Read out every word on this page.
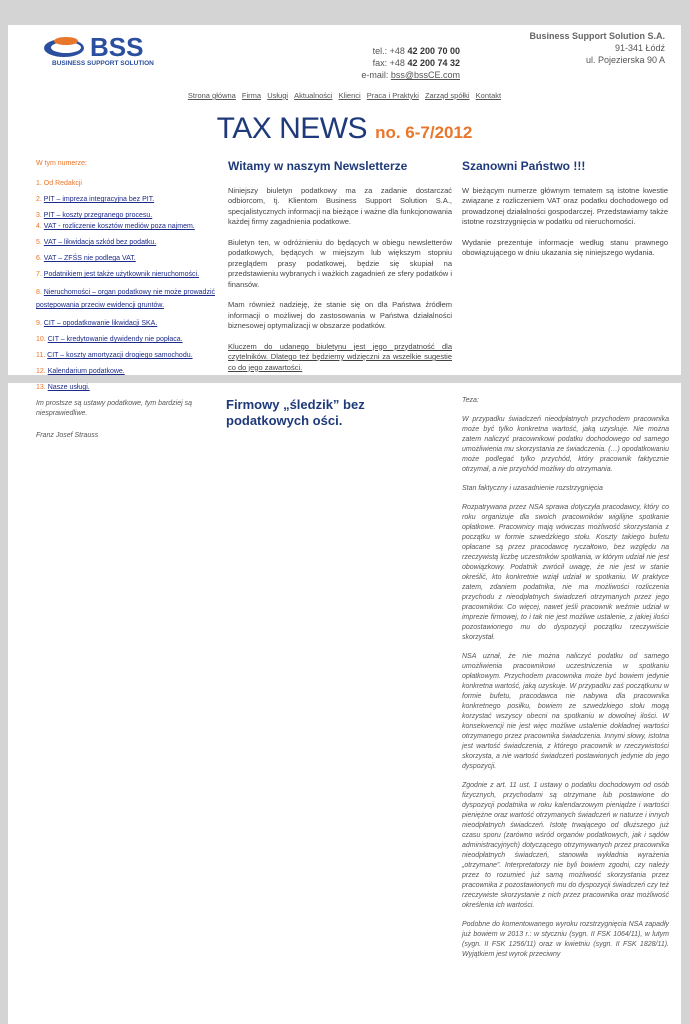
BSS
BUSINESS SUPPORT SOLUTION
tel.: +48 42 200 70 00
fax: +48 42 200 74 32
e-mail: bss@bssCE.com
Business Support Solution S.A.
91-341 Łódź
ul. Pojezierska 90 A
Strona główna Firma Usługi Aktualności Klienci Praca i Praktyki Zarząd spółki Kontakt
TAX NEWS no. 6-7/2012
W tym numerze:
1. Od Redakcji
2. PIT – impreza integracyjna bez PIT.
3. PIT – koszty przegranego procesu.
4. VAT - rozliczenie kosztów mediów poza najmem.
5. VAT – likwidacja szkód bez podatku.
6. VAT – ZFŚS nie podlega VAT.
7. Podatnikiem jest także użytkownik nieruchomości.
8. Nieruchomości – organ podatkowy nie może prowadzić postępowania przeciw ewidencji gruntów.
9. CIT – opodatkowanie likwidacji SKA.
10. CIT – kredytowanie dywidendy nie popłaca.
11. CIT – koszty amortyzacji drogiego samochodu.
12. Kalendarium podatkowe.
13. Nasze usługi.
Witamy w naszym Newsletterze

Niniejszy biuletyn podatkowy ma za zadanie dostarczać odbiorcom, tj. Klientom Business Support Solution S.A., specjalistycznych informacji na bieżące i ważne dla funkcjonowania każdej firmy zagadnienia podatkowe.

Biuletyn ten, w odróżnieniu do będących w obiegu newsletterów podatkowych, będących w miejszym lub większym stopniu przeglądem prasy podatkowej, będzie się skupiał na przedstawieniu wybranych i ważkich zagadnień ze sfery podatków i finansów.

Mam również nadzieję, że stanie się on dla Państwa źródłem informacji o możliwej do zastosowania w Państwa działalności biznesowej optymalizacji w obszarze podatków.

Kluczem do udanego biuletynu jest jego przydatność dla czytelników. Dlatego też będziemy wdzięczni za wszelkie sugestie co do jego zawartości.

Szanowni Państwo !!!

W bieżącym numerze głównym tematem są istotne kwestie związane z rozliczeniem VAT oraz podatku dochodowego od prowadzonej działalności gospodarczej. Przedstawiamy także istotne rozstrzygnięcia w podatku od nieruchomości.

Wydanie prezentuje informacje według stanu prawnego obowiązującego w dniu ukazania się niniejszego wydania.

Im prostsze są ustawy podatkowe, tym bardziej są niesprawiedliwe.
Franz Josef Strauss
Firmowy „śledzik” bez podatkowych ości.

Teza:

W przypadku świadczeń nieodpłatnych przychodem pracownika może być tylko konkretna wartość, jaką uzyskuje. Nie można zatem naliczyć pracownikowi podatku dochodowego od samego umożliwienia mu skorzystania ze świadczenia. (…) opodatkowaniu może podlegać tylko przychód, który pracownik faktycznie otrzymał, a nie przychód możliwy do otrzymania.

Stan faktyczny i uzasadnienie rozstrzygnięcia

Rozpatrywana przez NSA sprawa dotyczyła pracodawcy, który co roku organizuje dla swoich pracowników wigilijne spotkanie opłatkowe. Pracownicy mają wówczas możliwość skorzystania z początku w formie szwedzkiego stołu. Koszty takiego bufetu opłacane są przez pracodawcę ryczałtowo, bez względu na rzeczywistą liczbę uczestników spotkania, w którym udział nie jest obowiązkowy. Podatnik zwrócił uwagę, że nie jest w stanie określić, kto konkretnie wziął udział w spotkaniu. W praktyce zatem, zdaniem podatnika, nie ma możliwości rozliczenia przychodu z nieodpłatnych świadczeń otrzymanych przez jego pracowników. Co więcej, nawet jeśli pracownik weźmie udział w imprezie firmowej, to i tak nie jest możliwe ustalenie, z jakiej ilości pozostawionego mu do dyspozycji początku rzeczywiście skorzystał.

NSA uznał, że nie można naliczyć podatku od samego umożliwienia pracownikowi uczestniczenia w spotkaniu opłatkowym. Przychodem pracownika może być bowiem jedynie konkretna wartość, jaką uzyskuje. W przypadku zaś początkunu w formie bufetu, pracodawca nie nabywa dla pracownika konkretnego posiłku, bowiem ze szwedzkiego stołu mogą korzystać wszyscy obecni na spotkaniu w dowolnej ilości. W konsekwencji nie jest więc możliwe ustalenie dokładnej wartości otrzymanego przez pracownika świadczenia. Innymi słowy, istotna jest wartość świadczenia, z którego pracownik w rzeczywistości skorzysta, a nie wartość świadczeń postawionych jedynie do jego dyspozycji.

Zgodnie z art. 11 ust. 1 ustawy o podatku dochodowym od osób fizycznych, przychodami są otrzymane lub postawione do dyspozycji podatnika w roku kalendarzowym pieniądze i wartości pieniężne oraz wartość otrzymanych świadczeń w naturze i innych nieodpłatnych świadczeń. Istotę trwającego od dłuższego już czasu sporu (zarówno wśród organów podatkowych, jak i sądów administracyjnych) dotyczącego otrzymywanych przez pracownika nieodpłatnych świadczeń, stanowiła wykładnia wyrażenia „otrzymane”. Interpretatorzy nie byli bowiem zgodni, czy należy przez to rozumieć już samą możliwość skorzystania przez pracownika z pozostawionych mu do dyspozycji świadczeń czy też rzeczywiste skorzystanie z nich przez pracownika oraz możliwość określenia ich wartości.

Podobne do komentowanego wyroku rozstrzygnięcia NSA zapadły już bowiem w 2013 r.: w styczniu (sygn. II FSK 1064/11), w lutym (sygn. II FSK 1256/11) oraz w kwietniu (sygn. II FSK 1828/11). Wyjątkiem jest wyrok przeciwny
